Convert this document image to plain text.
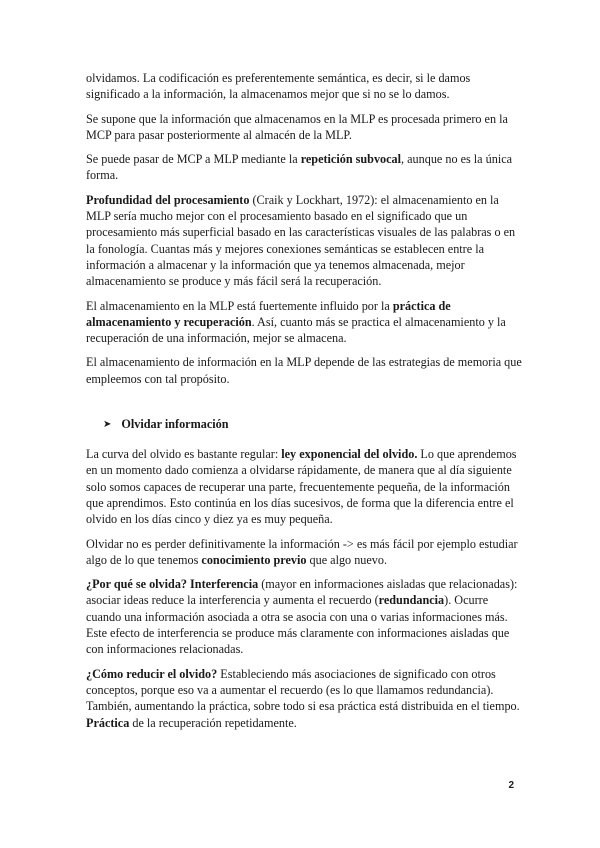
olvidamos. La codificación es preferentemente semántica, es decir, si le damos significado a la información, la almacenamos mejor que si no se lo damos.

Se supone que la información que almacenamos en la MLP es procesada primero en la MCP para pasar posteriormente al almacén de la MLP.

Se puede pasar de MCP a MLP mediante la repetición subvocal, aunque no es la única forma.

Profundidad del procesamiento (Craik y Lockhart, 1972): el almacenamiento en la MLP sería mucho mejor con el procesamiento basado en el significado que un procesamiento más superficial basado en las características visuales de las palabras o en la fonología. Cuantas más y mejores conexiones semánticas se establecen entre la información a almacenar y la información que ya tenemos almacenada, mejor almacenamiento se produce y más fácil será la recuperación.

El almacenamiento en la MLP está fuertemente influido por la práctica de almacenamiento y recuperación. Así, cuanto más se practica el almacenamiento y la recuperación de una información, mejor se almacena.

El almacenamiento de información en la MLP depende de las estrategias de memoria que empleemos con tal propósito.

➤ Olvidar información

La curva del olvido es bastante regular: ley exponencial del olvido. Lo que aprendemos en un momento dado comienza a olvidarse rápidamente, de manera que al día siguiente solo somos capaces de recuperar una parte, frecuentemente pequeña, de la información que aprendimos. Esto continúa en los días sucesivos, de forma que la diferencia entre el olvido en los días cinco y diez ya es muy pequeña.

Olvidar no es perder definitivamente la información -> es más fácil por ejemplo estudiar algo de lo que tenemos conocimiento previo que algo nuevo.

¿Por qué se olvida? Interferencia (mayor en informaciones aisladas que relacionadas): asociar ideas reduce la interferencia y aumenta el recuerdo (redundancia). Ocurre cuando una información asociada a otra se asocia con una o varias informaciones más. Este efecto de interferencia se produce más claramente con informaciones aisladas que con informaciones relacionadas.

¿Cómo reducir el olvido? Estableciendo más asociaciones de significado con otros conceptos, porque eso va a aumentar el recuerdo (es lo que llamamos redundancia). También, aumentando la práctica, sobre todo si esa práctica está distribuida en el tiempo. Práctica de la recuperación repetidamente.

2
